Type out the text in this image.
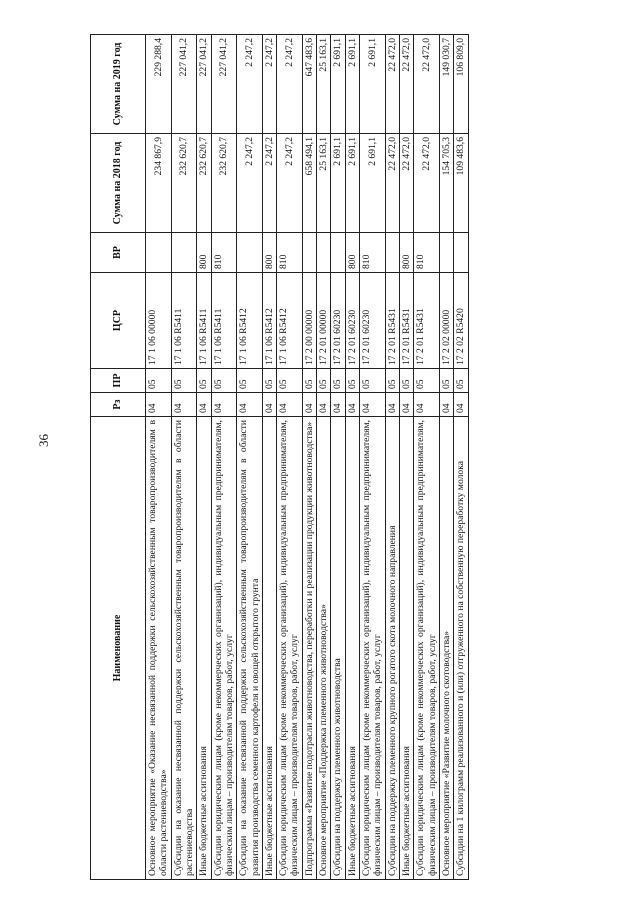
36
Наименование	Рз	ПР	ЦСР	ВР	Сумма на 2018 год	Сумма на 2019 год
Основное мероприятие «Оказание несвязанной поддержки сельскохозяйственным товаропроизводителям в области растениеводства»	04	05	17 1 06 00000		234 867,9	229 288,4
Субсидии на оказание несвязанной поддержки сельскохозяйственным товаропроизводителям в области растениеводства	04	05	17 1 06 R5411		232 620,7	227 041,2
Иные бюджетные ассигнования	04	05	17 1 06 R5411	800	232 620,7	227 041,2
Субсидии юридическим лицам (кроме некоммерческих организаций), индивидуальным предпринимателям, физическим лицам – производителям товаров, работ, услуг	04	05	17 1 06 R5411	810	232 620,7	227 041,2
Субсидии на оказание несвязанной поддержки сельскохозяйственным товаропроизводителям в области развития производства семенного картофеля и овощей открытого грунта	04	05	17 1 06 R5412		2 247,2	2 247,2
Иные бюджетные ассигнования	04	05	17 1 06 R5412	800	2 247,2	2 247,2
Субсидии юридическим лицам (кроме некоммерческих организаций), индивидуальным предпринимателям, физическим лицам – производителям товаров, работ, услуг	04	05	17 1 06 R5412	810	2 247,2	2 247,2
Подпрограмма «Развитие подотрасли животноводства, переработки и реализации продукции животноводства»	04	05	17 2 00 00000		658 494,1	647 483,6
Основное мероприятие «Поддержка племенного животноводства»	04	05	17 2 01 00000		25 163,1	25 163,1
Субсидии на поддержку племенного животноводства	04	05	17 2 01 60230		2 691,1	2 691,1
Иные бюджетные ассигнования	04	05	17 2 01 60230	800	2 691,1	2 691,1
Субсидии юридическим лицам (кроме некоммерческих организаций), индивидуальным предпринимателям, физическим лицам – производителям товаров, работ, услуг	04	05	17 2 01 60230	810	2 691,1	2 691,1
Субсидии на поддержку племенного крупного рогатого скота молочного направления	04	05	17 2 01 R5431		22 472,0	22 472,0
Иные бюджетные ассигнования	04	05	17 2 01 R5431	800	22 472,0	22 472,0
Субсидии юридическим лицам (кроме некоммерческих организаций), индивидуальным предпринимателям, физическим лицам – производителям товаров, работ, услуг	04	05	17 2 01 R5431	810	22 472,0	22 472,0
Основное мероприятие «Развитие молочного скотоводства»	04	05	17 2 02 00000		154 705,3	149 030,7
Субсидии на 1 килограмм реализованного и (или) отгруженного на собственную переработку молока	04	05	17 2 02 R5420		109 483,6	106 809,0
